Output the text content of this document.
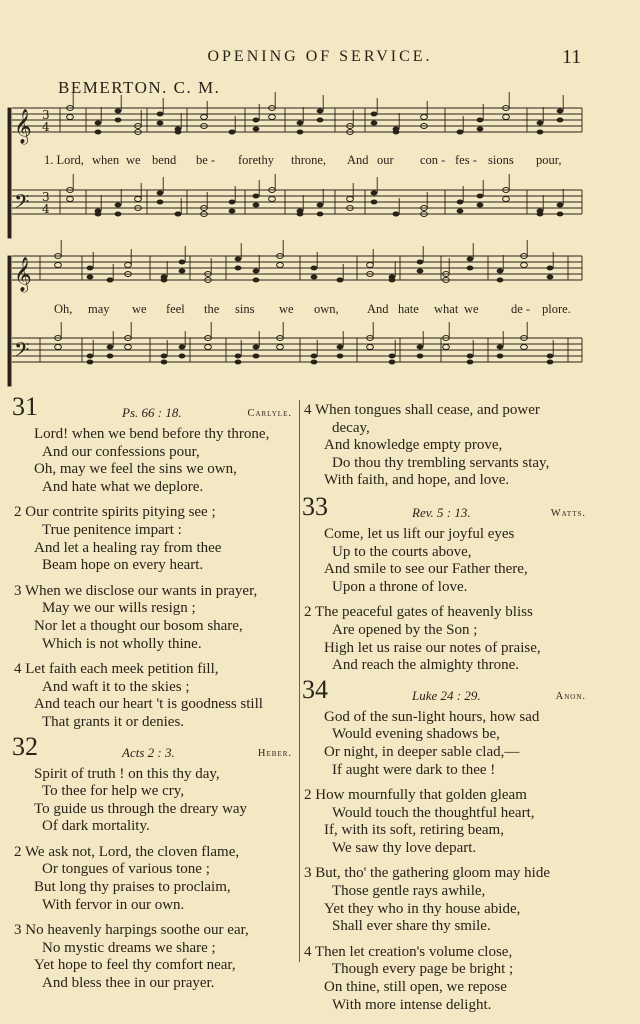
OPENING OF SERVICE.	11
BEMERTON. C. M.
𝄞
𝄢
𝄞
𝄢
3
4
3
4
1. Lord, when we bend be - fore thy throne, And our con - fes - sions pour,
Oh, may we feel the sins we own, And hate what we	de - plore.
31	Ps. 66 : 18.	Carlyle.
Lord! when we bend before thy throne,
And our confessions pour,
Oh, may we feel the sins we own,
And hate what we deplore.
2 Our contrite spirits pitying see ;
True penitence impart :
And let a healing ray from thee
Beam hope on every heart.
3 When we disclose our wants in prayer,
May we our wills resign ;
Nor let a thought our bosom share,
Which is not wholly thine.
4 Let faith each meek petition fill,
And waft it to the skies ;
And teach our heart 't is goodness still
That grants it or denies.
32	Acts 2 : 3.	Heber.
Spirit of truth ! on this thy day,
To thee for help we cry,
To guide us through the dreary way
Of dark mortality.
2 We ask not, Lord, the cloven flame,
Or tongues of various tone ;
But long thy praises to proclaim,
With fervor in our own.
3 No heavenly harpings soothe our ear,
No mystic dreams we share ;
Yet hope to feel thy comfort near,
And bless thee in our prayer.
4 When tongues shall cease, and power
decay,
And knowledge empty prove,
Do thou thy trembling servants stay,
With faith, and hope, and love.
33	Rev. 5 : 13.	Watts.
Come, let us lift our joyful eyes
Up to the courts above,
And smile to see our Father there,
Upon a throne of love.
2 The peaceful gates of heavenly bliss
Are opened by the Son ;
High let us raise our notes of praise,
And reach the almighty throne.
34	Luke 24 : 29.	Anon.
God of the sun-light hours, how sad
Would evening shadows be,
Or night, in deeper sable clad,—
If aught were dark to thee !
2 How mournfully that golden gleam
Would touch the thoughtful heart,
If, with its soft, retiring beam,
We saw thy love depart.
3 But, tho' the gathering gloom may hide
Those gentle rays awhile,
Yet they who in thy house abide,
Shall ever share thy smile.
4 Then let creation's volume close,
Though every page be bright ;
On thine, still open, we repose
With more intense delight.
